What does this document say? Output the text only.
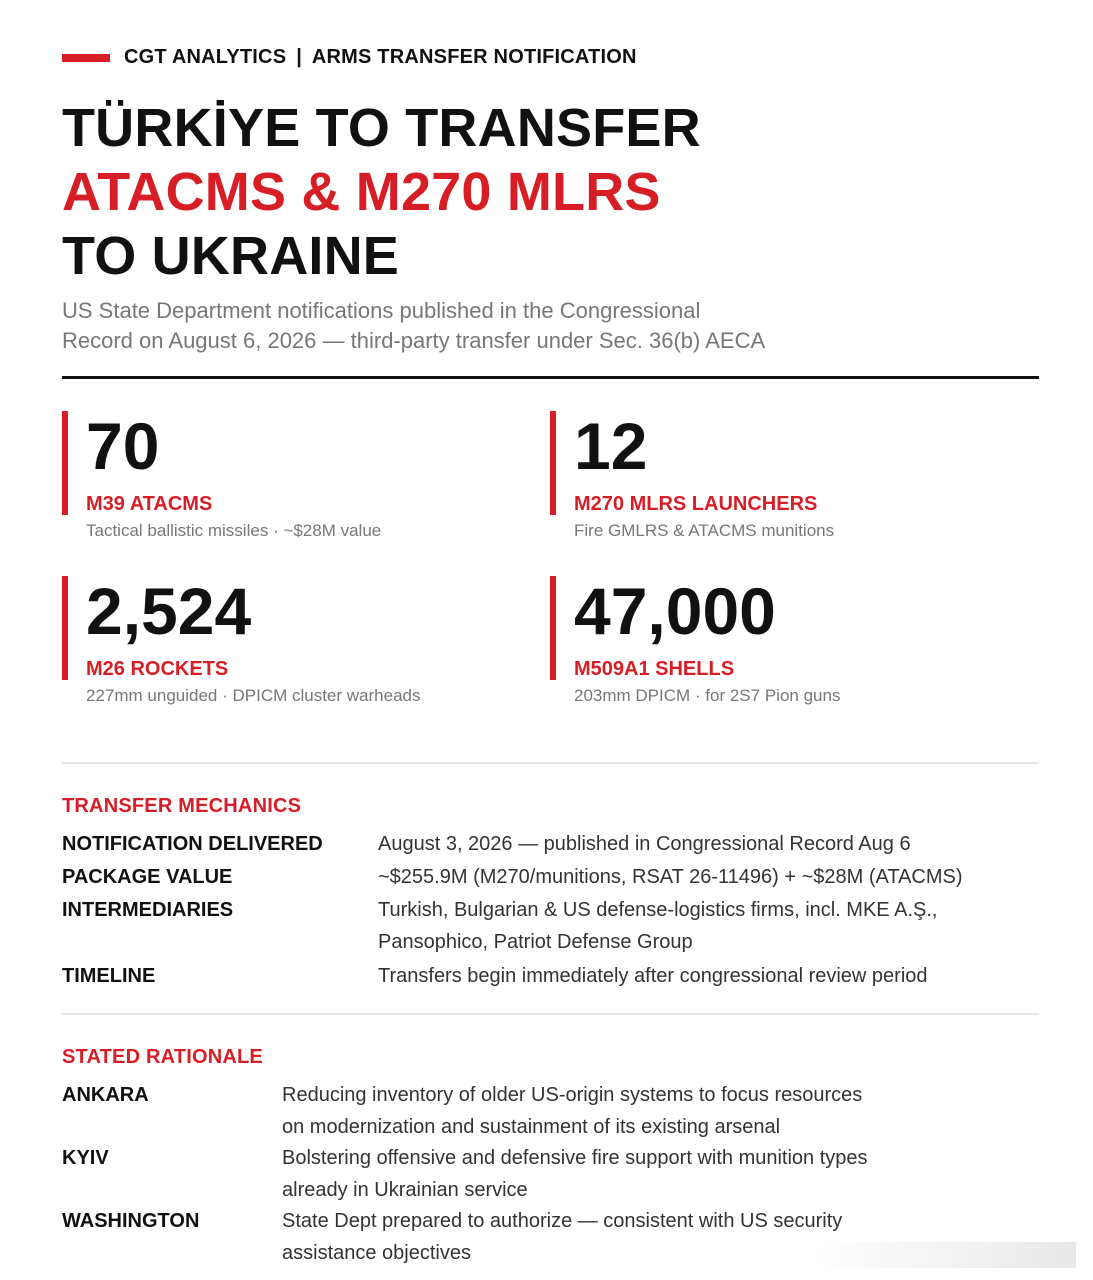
CGT ANALYTICS | ARMS TRANSFER NOTIFICATION
TÜRKİYE TO TRANSFER
ATACMS & M270 MLRS
TO UKRAINE
US State Department notifications published in the Congressional
Record on August 6, 2026 — third-party transfer under Sec. 36(b) AECA
70
M39 ATACMS
Tactical ballistic missiles · ~$28M value
12
M270 MLRS LAUNCHERS
Fire GMLRS & ATACMS munitions
2,524
M26 ROCKETS
227mm unguided · DPICM cluster warheads
47,000
M509A1 SHELLS
203mm DPICM · for 2S7 Pion guns
TRANSFER MECHANICS
NOTIFICATION DELIVERED	August 3, 2026 — published in Congressional Record Aug 6
PACKAGE VALUE	~$255.9M (M270/munitions, RSAT 26-11496) + ~$28M (ATACMS)
INTERMEDIARIES	Turkish, Bulgarian & US defense-logistics firms, incl. MKE A.Ş.,
Pansophico, Patriot Defense Group
TIMELINE	Transfers begin immediately after congressional review period
STATED RATIONALE
ANKARA	Reducing inventory of older US-origin systems to focus resources
on modernization and sustainment of its existing arsenal
KYIV	Bolstering offensive and defensive fire support with munition types
already in Ukrainian service
WASHINGTON	State Dept prepared to authorize — consistent with US security
assistance objectives
